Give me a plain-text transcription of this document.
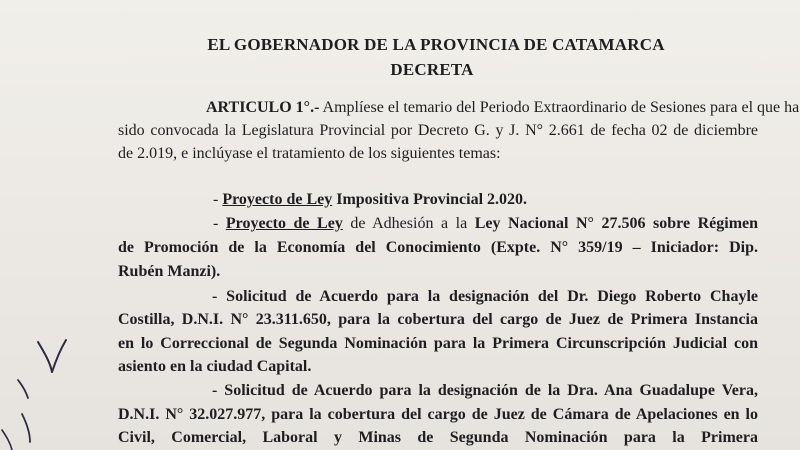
EL GOBERNADOR DE LA PROVINCIA DE CATAMARCA
DECRETA
ARTICULO 1°.- Amplíese el temario del Periodo Extraordinario de Sesiones para el que ha
sido convocada la Legislatura Provincial por Decreto G. y J. N° 2.661 de fecha 02 de diciembre
de 2.019, e inclúyase el tratamiento de los siguientes temas:
- Proyecto de Ley Impositiva Provincial 2.020.
- Proyecto de Ley de Adhesión a la Ley Nacional N° 27.506 sobre Régimen
de Promoción de la Economía del Conocimiento (Expte. N° 359/19 – Iniciador: Dip.
Rubén Manzi).
- Solicitud de Acuerdo para la designación del Dr. Diego Roberto Chayle
Costilla, D.N.I. N° 23.311.650, para la cobertura del cargo de Juez de Primera Instancia
en lo Correccional de Segunda Nominación para la Primera Circunscripción Judicial con
asiento en la ciudad Capital.
- Solicitud de Acuerdo para la designación de la Dra. Ana Guadalupe Vera,
D.N.I. N° 32.027.977, para la cobertura del cargo de Juez de Cámara de Apelaciones en lo
Civil, Comercial, Laboral y Minas de Segunda Nominación para la Primera
